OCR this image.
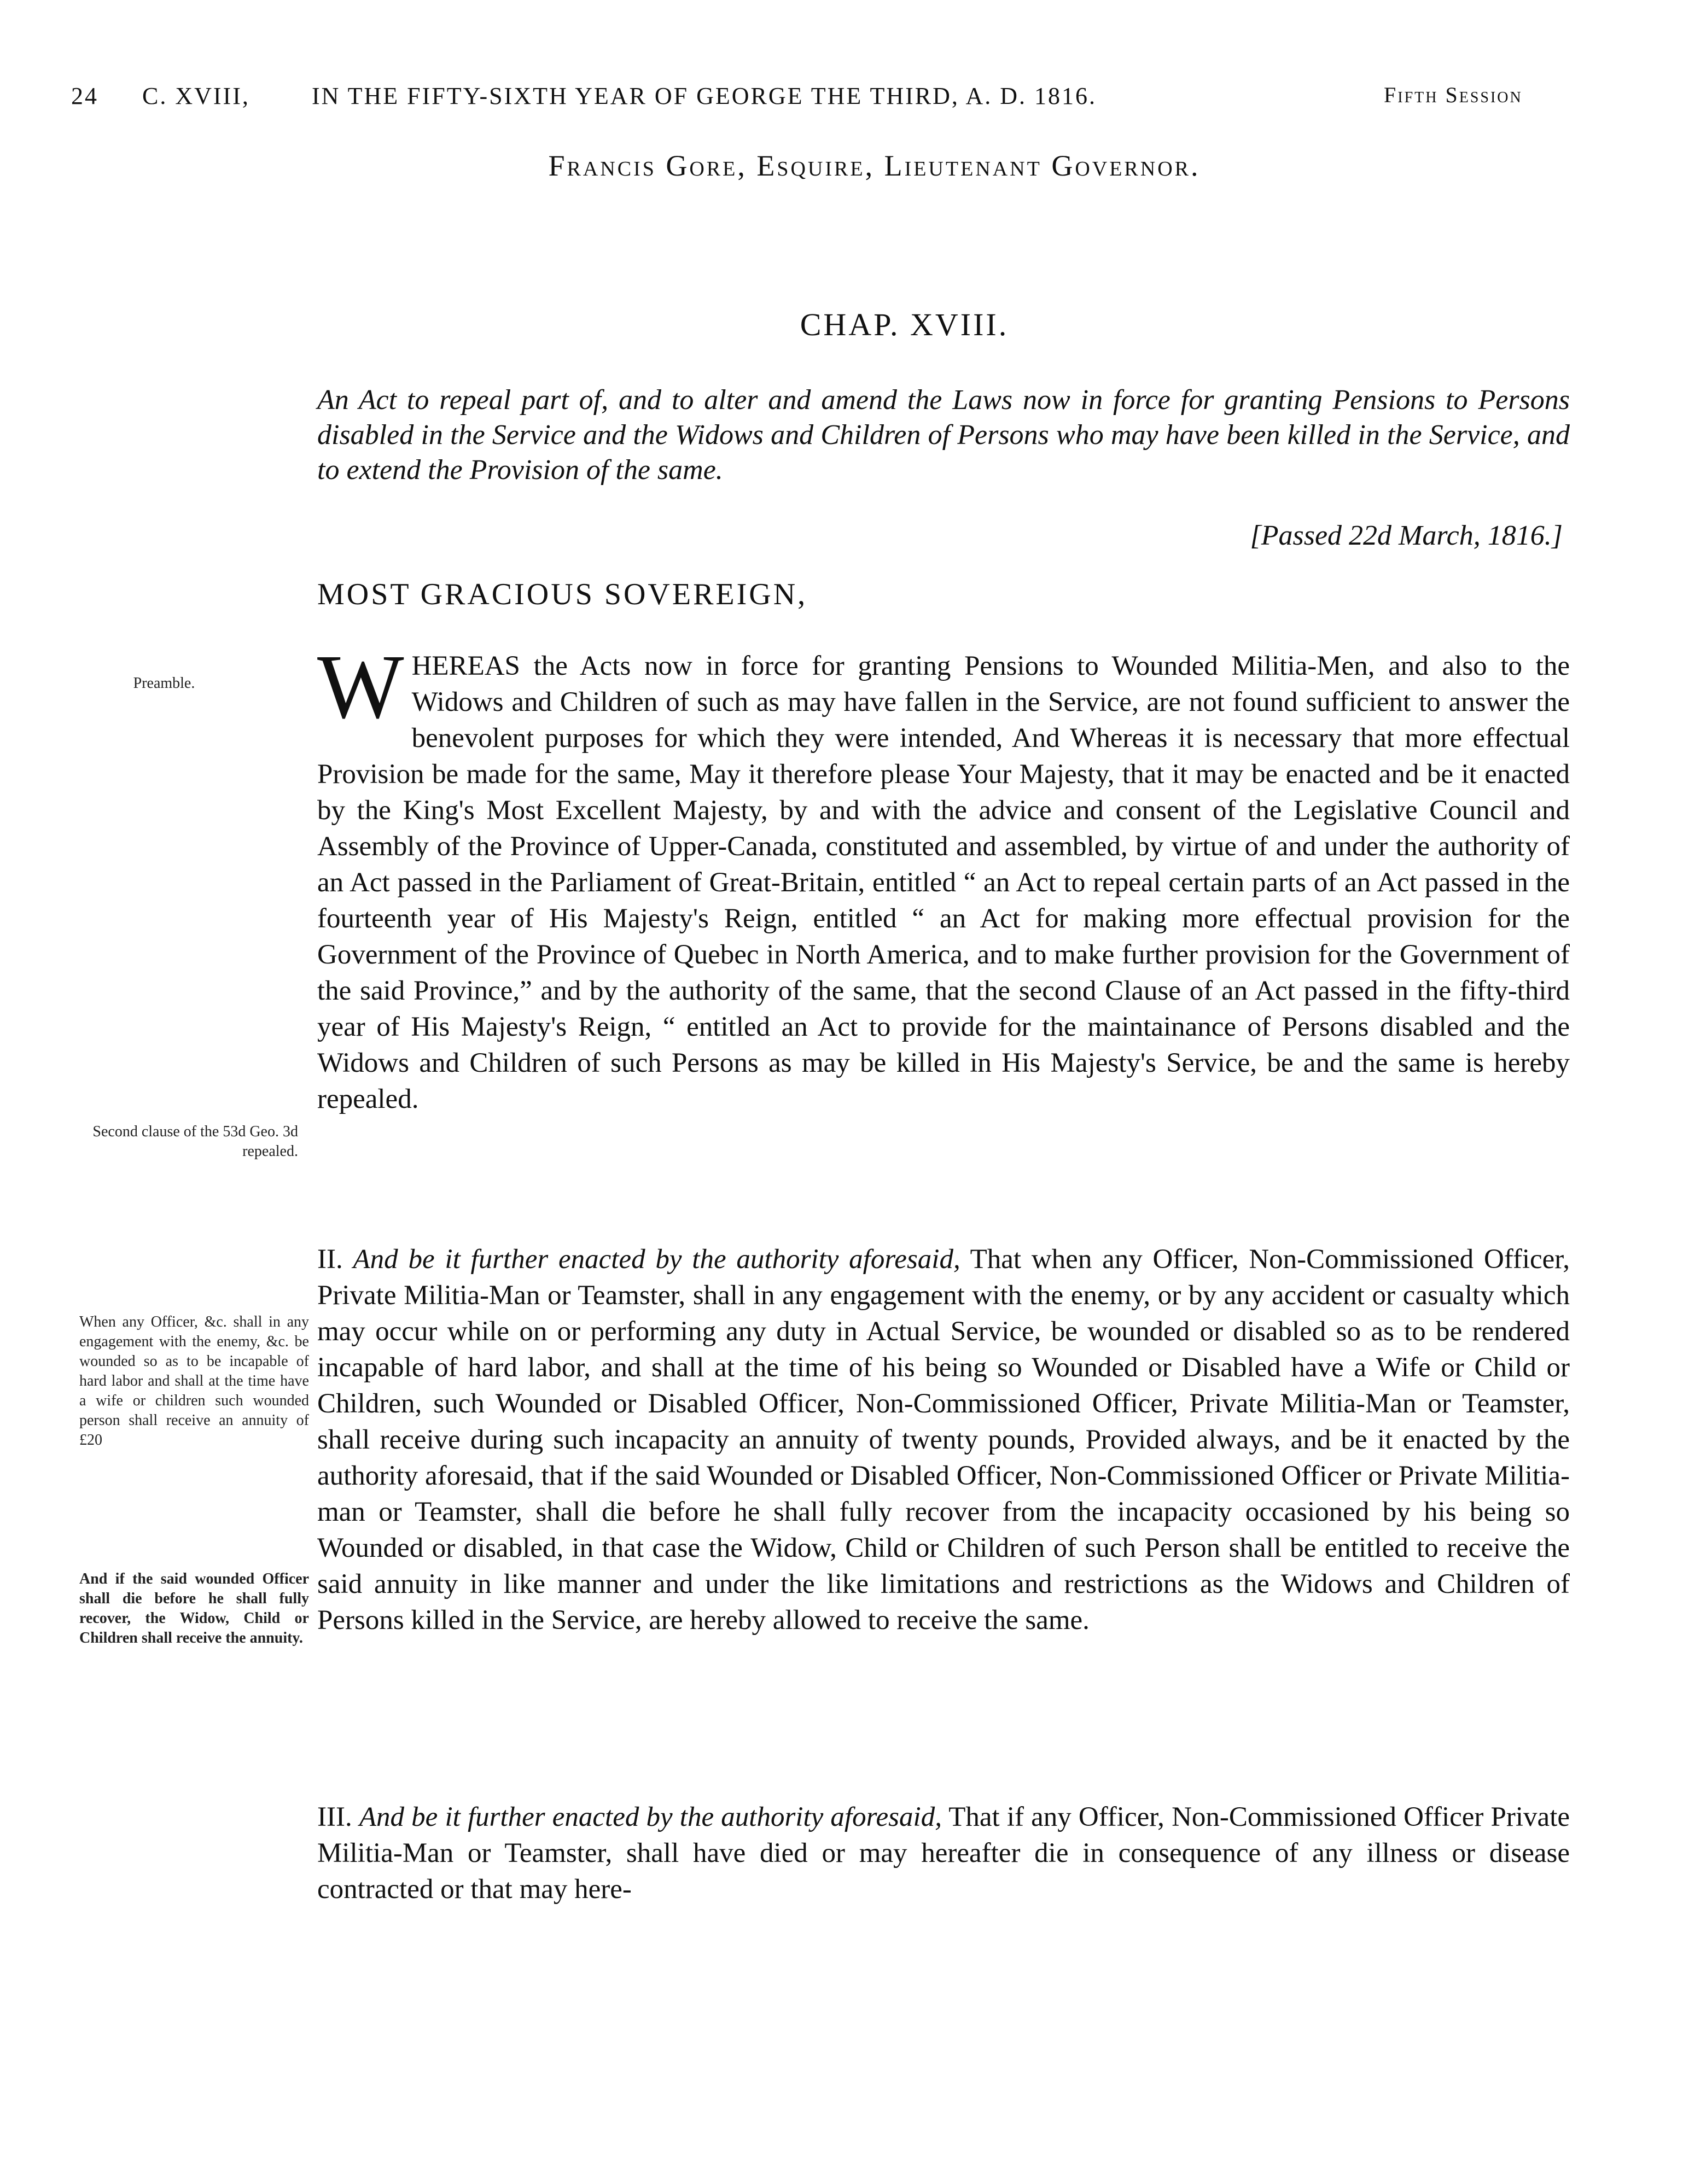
24 C. XVIII,	IN THE FIFTY-SIXTH YEAR OF GEORGE THE THIRD, A. D. 1816.	Fifth Session
Francis Gore, Esquire, Lieutenant Governor.
CHAP. XVIII.
An Act to repeal part of, and to alter and amend the Laws now in force for granting Pensions to Persons disabled in the Service and the Widows and Children of Persons who may have been killed in the Service, and to extend the Provision of the same.
[Passed 22d March, 1816.]
MOST GRACIOUS SOVEREIGN,
W HEREAS the Acts now in force for granting Pensions to Wounded Militia-Men, and also to the Widows and Children of such as may have fallen in the Service, are not found sufficient to answer the benevolent purposes for which they were intended, And Whereas it is necessary that more effectual Provision be made for the same, May it therefore please Your Majesty, that it may be enacted and be it enacted by the King's Most Excellent Majesty, by and with the advice and consent of the Legislative Council and Assembly of the Province of Upper-Canada, constituted and assembled, by virtue of and under the authority of an Act passed in the Parliament of Great-Britain, entitled “ an Act to repeal certain parts of an Act passed in the fourteenth year of His Majesty's Reign, entitled “ an Act for making more effectual provision for the Government of the Province of Quebec in North America, and to make further provision for the Government of the said Province,” and by the authority of the same, that the second Clause of an Act passed in the fifty-third year of His Majesty's Reign, “ entitled an Act to provide for the maintainance of Persons disabled and the Widows and Children of such Persons as may be killed in His Majesty's Service, be and the same is hereby repealed.
II. And be it further enacted by the authority aforesaid, That when any Officer, Non-Commissioned Officer, Private Militia-Man or Teamster, shall in any engagement with the enemy, or by any accident or casualty which may occur while on or performing any duty in Actual Service, be wounded or disabled so as to be rendered incapable of hard labor, and shall at the time of his being so Wounded or Disabled have a Wife or Child or Children, such Wounded or Disabled Officer, Non-Commissioned Officer, Private Militia-Man or Teamster, shall receive during such incapacity an annuity of twenty pounds, Provided always, and be it enacted by the authority aforesaid, that if the said Wounded or Disabled Officer, Non-Commissioned Officer or Private Militia-man or Teamster, shall die before he shall fully recover from the incapacity occasioned by his being so Wounded or disabled, in that case the Widow, Child or Children of such Person shall be entitled to receive the said annuity in like manner and under the like limitations and restrictions as the Widows and Children of Persons killed in the Service, are hereby allowed to receive the same.
III. And be it further enacted by the authority aforesaid, That if any Officer, Non-Commissioned Officer Private Militia-Man or Teamster, shall have died or may hereafter die in consequence of any illness or disease contracted or that may here-
Preamble.
Second clause of the 53d Geo. 3d repealed.
When any Officer, &c. shall in any engagement with the enemy, &c. be wounded so as to be incapable of hard labor and shall at the time have a wife or children such wounded person shall receive an annuity of £20
And if the said wounded Officer shall die before he shall fully recover, the Widow, Child or Children shall receive the annuity.
